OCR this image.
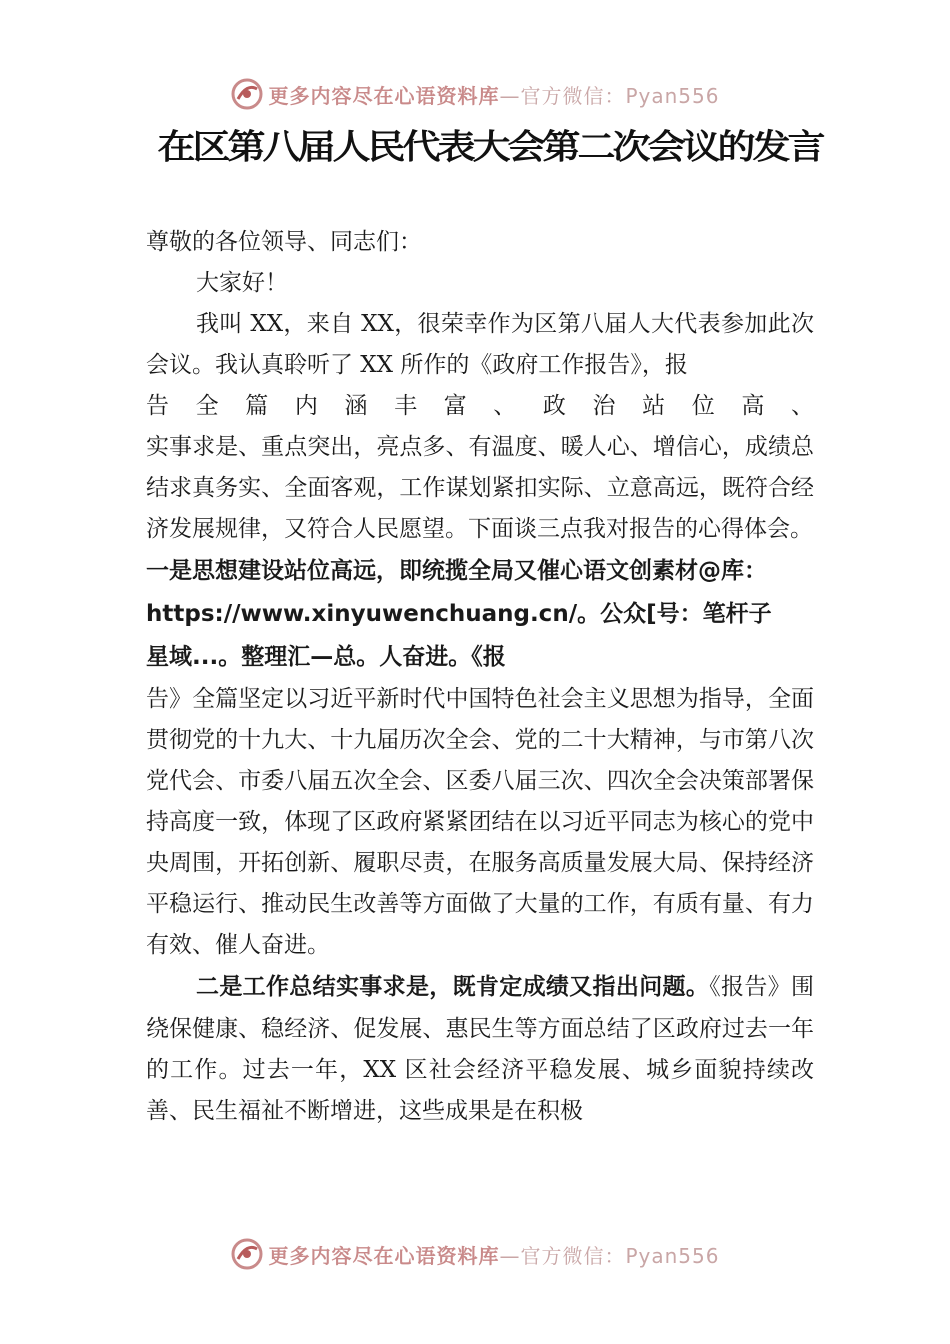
更多内容尽在心语资料库 —官方微信：Pyan556
在区第八届人民代表大会第二次会议的发言

尊敬的各位领导、同志们：

大家好！

我叫 XX，来自 XX，很荣幸作为区第八届人大代表参加此次会议。我认真聆听了 XX 所作的《政府工作报告》，报

告全篇内涵丰富、政治站位高、

实事求是、重点突出，亮点多、有温度、暖人心、增信心，成绩总结求真务实、全面客观，工作谋划紧扣实际、立意高远，既符合经济发展规律，又符合人民愿望。下面谈三点我对报告的心得体会。

一是思想建设站位高远，即统揽全局又催心语文创素材@库：https://www.xinyuwenchuang.cn/。公众[号：笔杆子星域...。整理汇—总。人奋进。《报

告》全篇坚定以习近平新时代中国特色社会主义思想为指导，全面贯彻党的十九大、十九届历次全会、党的二十大精神，与市第八次党代会、市委八届五次全会、区委八届三次、四次全会决策部署保持高度一致，体现了区政府紧紧团结在以习近平同志为核心的党中央周围，开拓创新、履职尽责，在服务高质量发展大局、保持经济平稳运行、推动民生改善等方面做了大量的工作，有质有量、有力有效、催人奋进。

二是工作总结实事求是，既肯定成绩又指出问题。《报告》围绕保健康、稳经济、促发展、惠民生等方面总结了区政府过去一年的工作。过去一年，XX 区社会经济平稳发展、城乡面貌持续改善、民生福祉不断增进，这些成果是在积极

更多内容尽在心语资料库 —官方微信：Pyan556
